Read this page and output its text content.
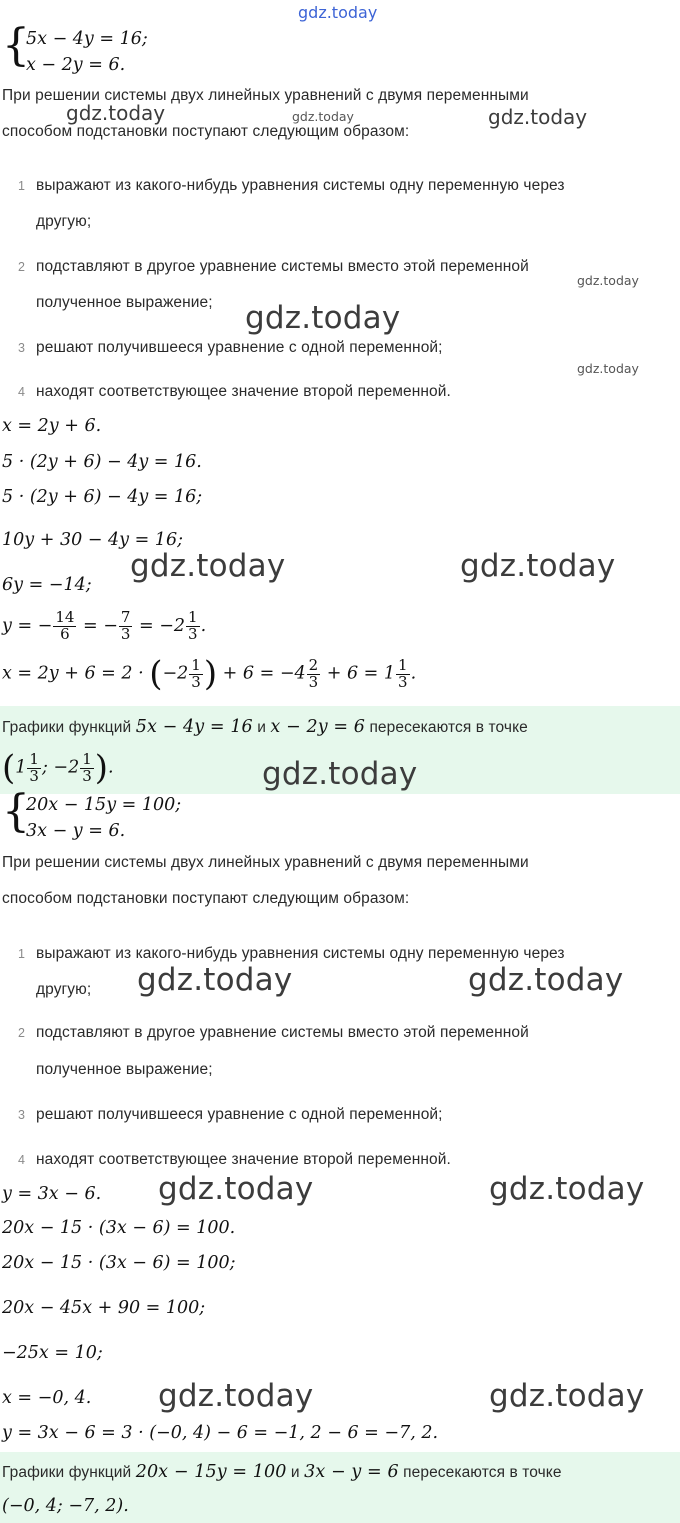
gdz.today
{
5x − 4y = 16;
x − 2y = 6.
При решении системы двух линейных уравнений с двумя переменными
способом подстановки поступают следующим образом:
gdz.today	gdz.today	gdz.today
1 выражают из какого-нибудь уравнения системы одну переменную через
другую;
2 подставляют в другое уравнение системы вместо этой переменной
полученное выражение;
gdz.today
gdz.today
3 решают получившееся уравнение с одной переменной;
gdz.today
4 находят соответствующее значение второй переменной.
x = 2y + 6.
5 · (2y + 6) − 4y = 16.
5 · (2y + 6) − 4y = 16;
10y + 30 − 4y = 16;
6y = −14;
gdz.today	gdz.today
y = − $\frac{14}{6}$ = − $\frac{7}{3} = -2 \frac{1}{3}$ .
$x = 2y + 6 = 2 \cdot (-2 \frac{1}{3}$ ) + $6 = -4 \frac{2}{3} + 6 = 1 \frac{1}{3}$ .
Графики функций 5x − 4y = 16 и x − 2y = 6 пересекаются в точке
($1 \frac{1}{3}$ ; $-2 \frac{1}{3}$ ).	gdz.today
{
20x − 15y = 100;
3x − y = 6.
При решении системы двух линейных уравнений с двумя переменными
способом подстановки поступают следующим образом:
1 выражают из какого-нибудь уравнения системы одну переменную через
другую; gdz.today	gdz.today
2 подставляют в другое уравнение системы вместо этой переменной
полученное выражение;
3 решают получившееся уравнение с одной переменной;
4 находят соответствующее значение второй переменной.
y = 3x − 6. gdz.today	gdz.today
20x − 15 · (3x − 6) = 100.
20x − 15 · (3x − 6) = 100;
20x − 45x + 90 = 100;
−25x = 10;
x = −0, 4. gdz.today	gdz.today
y = 3x − 6 = 3 · (−0, 4) − 6 = −1, 2 − 6 = −7, 2.
Графики функций 20x − 15y = 100 и 3x − y = 6 пересекаются в точке
(−0, 4; −7, 2).
